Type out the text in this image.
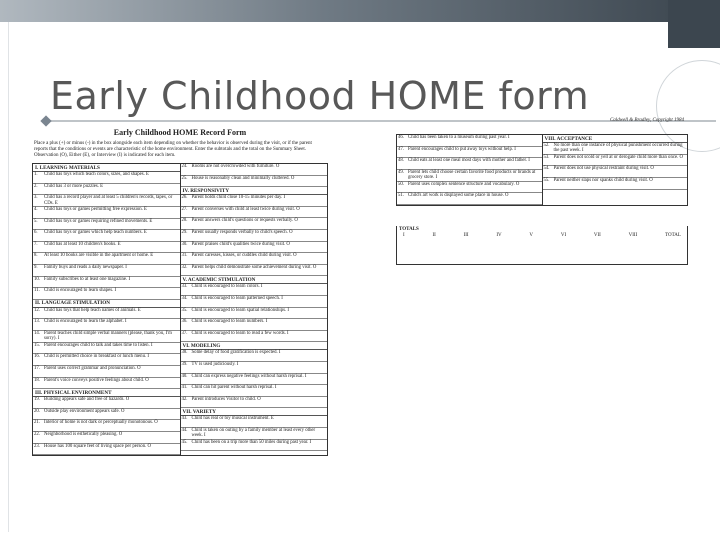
Early Childhood HOME form
Early Childhood HOME Record Form
Place a plus (+) or minus (-) in the box alongside each item depending on whether the behavior is observed during the visit, or if the parent reports that the conditions or events are characteristic of the home environment. Enter the subtotals and the total on the Summary Sheet. Observation (O), Either (E), or Interview (I) is indicated for each item.
I. LEARNING MATERIALS
1.	Child has toys which teach colors, sizes, and shapes. E
2.	Child has 3 or more puzzles. E
3.	Child has a record player and at least 5 children's records, tapes, or CDs. E
4.	Child has toys or games permitting free expression. E
5.	Child has toys or games requiring refined movements. E
6.	Child has toys or games which help teach numbers. E
7.	Child has at least 10 children's books. E
8.	At least 10 books are visible in the apartment or home. E
9.	Family buys and reads a daily newspaper. I
10. Family subscribes to at least one magazine. I
11. Child is encouraged to learn shapes. I
II. LANGUAGE STIMULATION
12. Child has toys that help teach names of animals. E
13. Child is encouraged to learn the alphabet. I
14. Parent teaches child simple verbal manners (please, thank you, I'm sorry). I
15. Parent encourages child to talk and takes time to listen. I
16. Child is permitted choice in breakfast or lunch menu. I
17. Parent uses correct grammar and pronunciation. O
18. Parent's voice conveys positive feelings about child. O
III. PHYSICAL ENVIRONMENT
19. Building appears safe and free of hazards. O
20. Outside play environment appears safe. O
21. Interior of home is not dark or perceptually monotonous. O
22. Neighborhood is esthetically pleasing. O
23. House has 100 square feet of living space per person. O
24. Rooms are not overcrowded with furniture. O
25. House is reasonably clean and minimally cluttered. O
IV. RESPONSIVITY
26. Parent holds child close 10-15 minutes per day. I
27. Parent converses with child at least twice during visit. O
28. Parent answers child's questions or requests verbally. O
29. Parent usually responds verbally to child's speech. O
30. Parent praises child's qualities twice during visit. O
31. Parent caresses, kisses, or cuddles child during visit. O
32. Parent helps child demonstrate some achievement during visit. O
V. ACADEMIC STIMULATION
33. Child is encouraged to learn colors. I
34. Child is encouraged to learn patterned speech. I
35. Child is encouraged to learn spatial relationships. I
36. Child is encouraged to learn numbers. I
37. Child is encouraged to learn to read a few words. I
VI. MODELING
38. Some delay of food gratification is expected. I
39. TV is used judiciously. I
40. Child can express negative feelings without harsh reprisal. I
41. Child can hit parent without harsh reprisal. I
42. Parent introduces Visitor to child. O
VII. VARIETY
43. Child has real or toy musical instrument. E
44. Child is taken on outing by a family member at least every other week. I
45. Child has been on a trip more than 50 miles during past year. I
Caldwell & Bradley, Copyright 1984
46. Child has been taken to a museum during past year. I
47. Parent encourages child to put away toys without help. I
48. Child eats at least one meal most days with mother and father. I
49. Parent lets child choose certain favorite food products or brands at grocery store. I
50. Parent uses complex sentence structure and vocabulary. O
51. Child's art work is displayed some place in house. O
VIII. ACCEPTANCE
52. No more than one instance of physical punishment occurred during the past week. I
53. Parent does not scold or yell at or derogate child more than once. O
54. Parent does not use physical restraint during visit. O
55. Parent neither slaps nor spanks child during visit. O
TOTALS
I	II	III	IV	V	VI	VII	VIII	TOTAL
